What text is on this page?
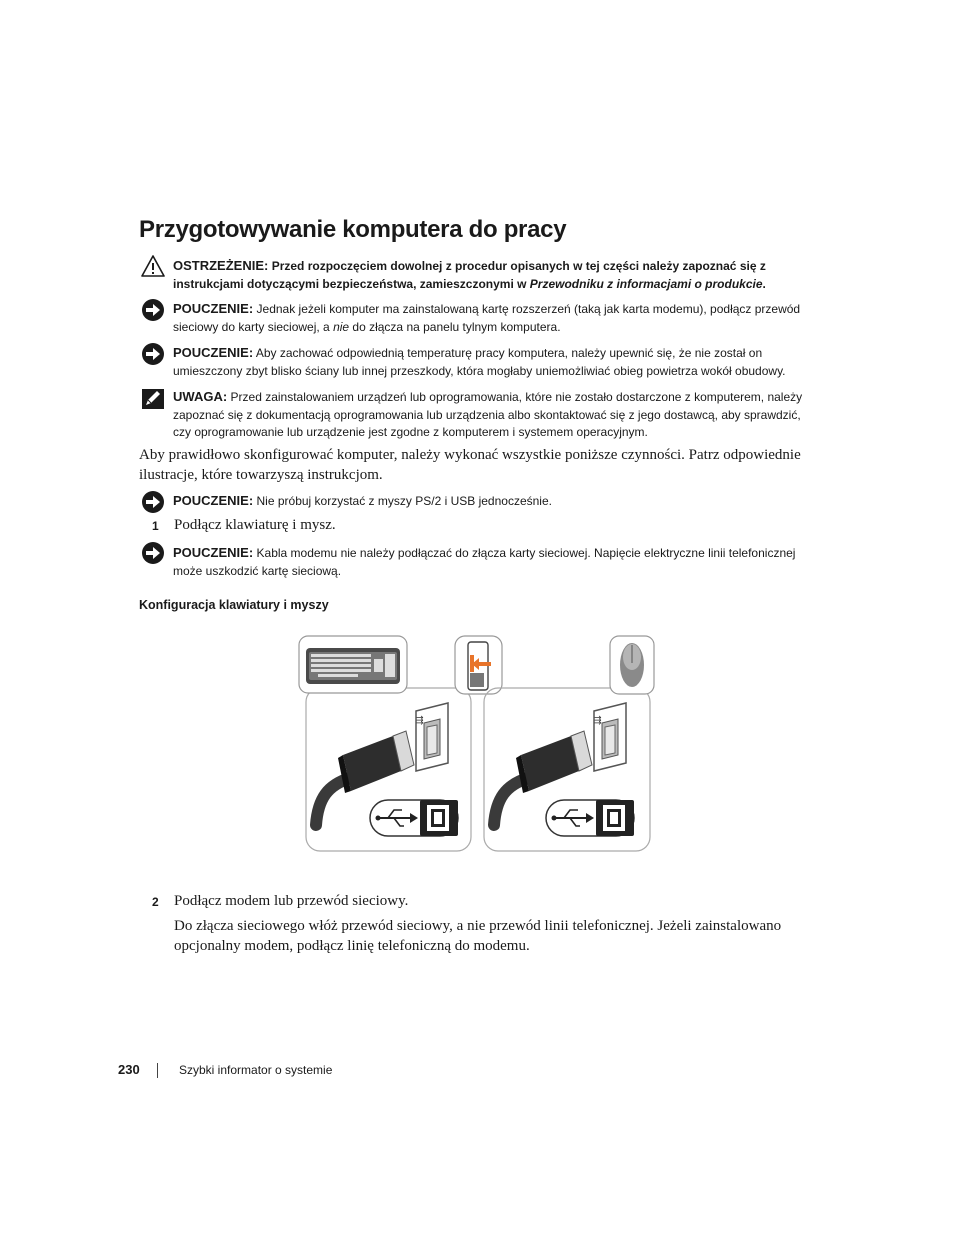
Przygotowywanie komputera do pracy
OSTRZEŻENIE: Przed rozpoczęciem dowolnej z procedur opisanych w tej części należy zapoznać się z instrukcjami dotyczącymi bezpieczeństwa, zamieszczonymi w Przewodniku z informacjami o produkcie.
POUCZENIE: Jednak jeżeli komputer ma zainstalowaną kartę rozszerzeń (taką jak karta modemu), podłącz przewód sieciowy do karty sieciowej, a nie do złącza na panelu tylnym komputera.
POUCZENIE: Aby zachować odpowiednią temperaturę pracy komputera, należy upewnić się, że nie został on umieszczony zbyt blisko ściany lub innej przeszkody, która mogłaby uniemożliwiać obieg powietrza wokół obudowy.
UWAGA: Przed zainstalowaniem urządzeń lub oprogramowania, które nie zostało dostarczone z komputerem, należy zapoznać się z dokumentacją oprogramowania lub urządzenia albo skontaktować się z jego dostawcą, aby sprawdzić, czy oprogramowanie lub urządzenie jest zgodne z komputerem i systemem operacyjnym.
Aby prawidłowo skonfigurować komputer, należy wykonać wszystkie poniższe czynności. Patrz odpowiednie ilustracje, które towarzyszą instrukcjom.
POUCZENIE: Nie próbuj korzystać z myszy PS/2 i USB jednocześnie.
1 Podłącz klawiaturę i mysz.
POUCZENIE: Kabla modemu nie należy podłączać do złącza karty sieciowej. Napięcie elektryczne linii telefonicznej może uszkodzić kartę sieciową.
Konfiguracja klawiatury i myszy
⇶	⇶
2 Podłącz modem lub przewód sieciowy.
Do złącza sieciowego włóż przewód sieciowy, a nie przewód linii telefonicznej. Jeżeli zainstalowano opcjonalny modem, podłącz linię telefoniczną do modemu.
230	Szybki informator o systemie
